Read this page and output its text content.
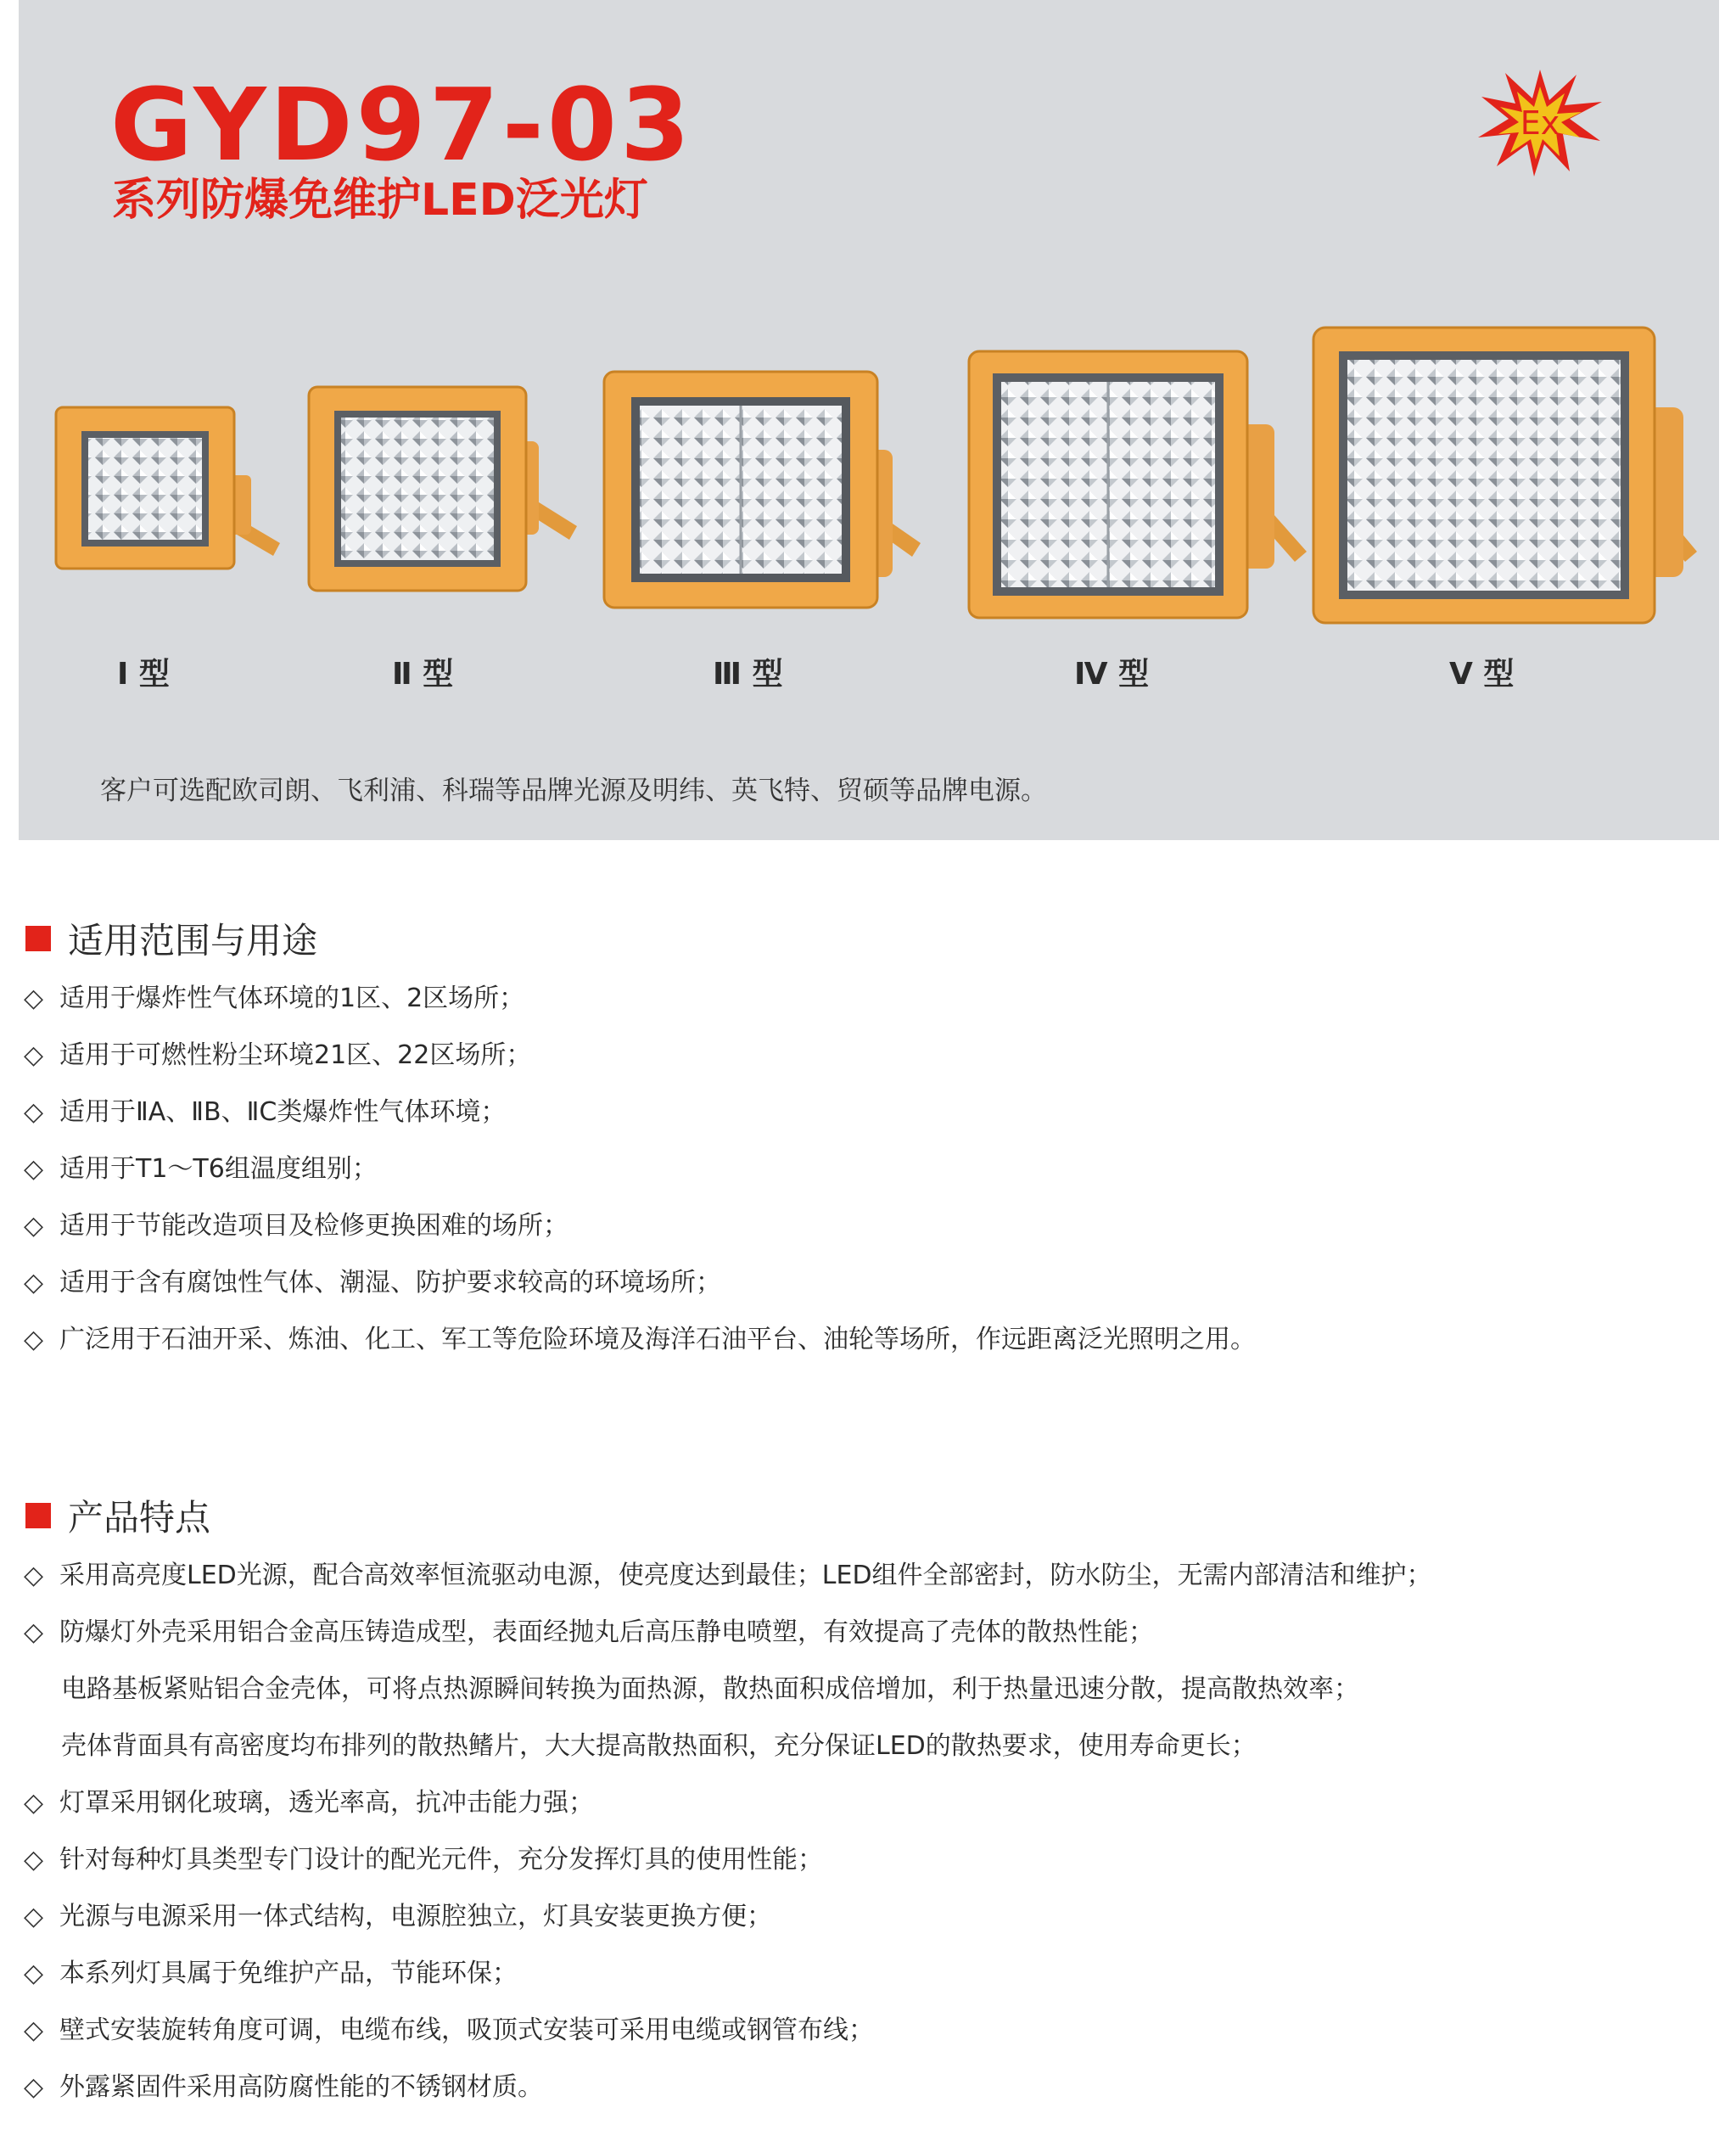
GYD97-03
系列防爆免维护LED泛光灯
Ex
Ⅰ 型	Ⅱ 型	Ⅲ 型	Ⅳ 型	Ⅴ 型
客户可选配欧司朗、飞利浦、科瑞等品牌光源及明纬、英飞特、贸硕等品牌电源。
适用范围与用途
◇ 适用于爆炸性气体环境的1区、2区场所；
◇ 适用于可燃性粉尘环境21区、22区场所；
◇ 适用于ⅡA、ⅡB、ⅡC类爆炸性气体环境；
◇ 适用于T1～T6组温度组别；
◇ 适用于节能改造项目及检修更换困难的场所；
◇ 适用于含有腐蚀性气体、潮湿、防护要求较高的环境场所；
◇ 广泛用于石油开采、炼油、化工、军工等危险环境及海洋石油平台、油轮等场所，作远距离泛光照明之用。
产品特点
◇ 采用高亮度LED光源，配合高效率恒流驱动电源，使亮度达到最佳；LED组件全部密封，防水防尘，无需内部清洁和维护；
◇ 防爆灯外壳采用铝合金高压铸造成型，表面经抛丸后高压静电喷塑，有效提高了壳体的散热性能；
电路基板紧贴铝合金壳体，可将点热源瞬间转换为面热源，散热面积成倍增加，利于热量迅速分散，提高散热效率；
壳体背面具有高密度均布排列的散热鳍片，大大提高散热面积，充分保证LED的散热要求，使用寿命更长；
◇ 灯罩采用钢化玻璃，透光率高，抗冲击能力强；
◇ 针对每种灯具类型专门设计的配光元件，充分发挥灯具的使用性能；
◇ 光源与电源采用一体式结构，电源腔独立，灯具安装更换方便；
◇ 本系列灯具属于免维护产品，节能环保；
◇ 壁式安装旋转角度可调，电缆布线，吸顶式安装可采用电缆或钢管布线；
◇ 外露紧固件采用高防腐性能的不锈钢材质。
